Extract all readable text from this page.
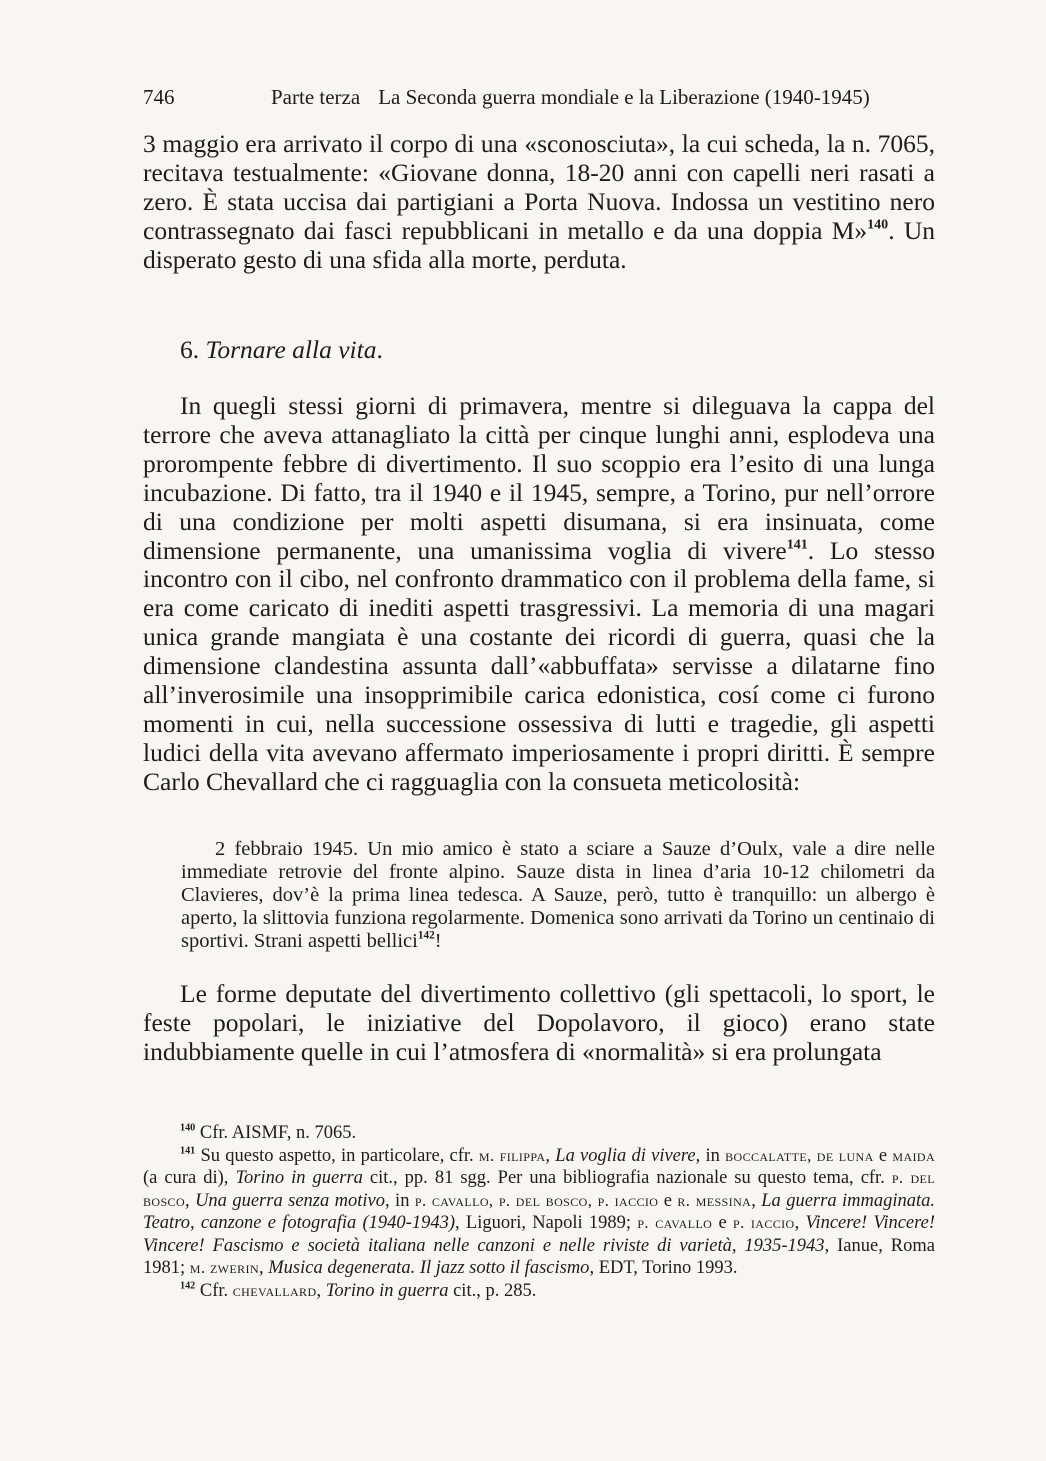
746	Parte terza La Seconda guerra mondiale e la Liberazione (1940-1945)

3 maggio era arrivato il corpo di una «sconosciuta», la cui scheda, la n. 7065, recitava testualmente: «Giovane donna, 18-20 anni con capelli neri rasati a zero. È stata uccisa dai partigiani a Porta Nuova. Indossa un vestitino nero contrassegnato dai fasci repubblicani in metallo e da una doppia M»$^{140}$. Un disperato gesto di una sfida alla morte, perduta.

6. Tornare alla vita.

In quegli stessi giorni di primavera, mentre si dileguava la cappa del terrore che aveva attanagliato la città per cinque lunghi anni, esplodeva una prorompente febbre di divertimento. Il suo scoppio era l’esito di una lunga incubazione. Di fatto, tra il 1940 e il 1945, sempre, a Torino, pur nell’orrore di una condizione per molti aspetti disumana, si era insinuata, come dimensione permanente, una umanissima voglia di vivere$^{141}$. Lo stesso incontro con il cibo, nel confronto drammatico con il problema della fame, si era come caricato di inediti aspetti trasgressivi. La memoria di una magari unica grande mangiata è una costante dei ricordi di guerra, quasi che la dimensione clandestina assunta dall’«abbuffata» servisse a dilatarne fino all’inverosimile una insopprimibile carica edonistica, cosí come ci furono momenti in cui, nella successione ossessiva di lutti e tragedie, gli aspetti ludici della vita avevano affermato imperiosamente i propri diritti. È sempre Carlo Chevallard che ci ragguaglia con la consueta meticolosità:

2 febbraio 1945. Un mio amico è stato a sciare a Sauze d’Oulx, vale a dire nelle immediate retrovie del fronte alpino. Sauze dista in linea d’aria 10-12 chilometri da Clavieres, dov’è la prima linea tedesca. A Sauze, però, tutto è tranquillo: un albergo è aperto, la slittovia funziona regolarmente. Domenica sono arrivati da Torino un centinaio di sportivi. Strani aspetti bellici$^{142}$!

Le forme deputate del divertimento collettivo (gli spettacoli, lo sport, le feste popolari, le iniziative del Dopolavoro, il gioco) erano state indubbiamente quelle in cui l’atmosfera di «normalità» si era prolungata

$^{140}$ Cfr. AISMF, n. 7065.

$^{141}$ Su questo aspetto, in particolare, cfr. m. filippa, La voglia di vivere, in boccalatte, de luna e maida (a cura di), Torino in guerra cit., pp. 81 sgg. Per una bibliografia nazionale su questo tema, cfr. p. del bosco, Una guerra senza motivo, in p. cavallo, p. del bosco, p. iaccio e r. messina, La guerra immaginata. Teatro, canzone e fotografia (1940-1943), Liguori, Napoli 1989; p. cavallo e p. iaccio, Vincere! Vincere! Vincere! Fascismo e società italiana nelle canzoni e nelle riviste di varietà, 1935-1943, Ianue, Roma 1981; m. zwerin, Musica degenerata. Il jazz sotto il fascismo, EDT, Torino 1993.

$^{142}$ Cfr. chevallard, Torino in guerra cit., p. 285.
